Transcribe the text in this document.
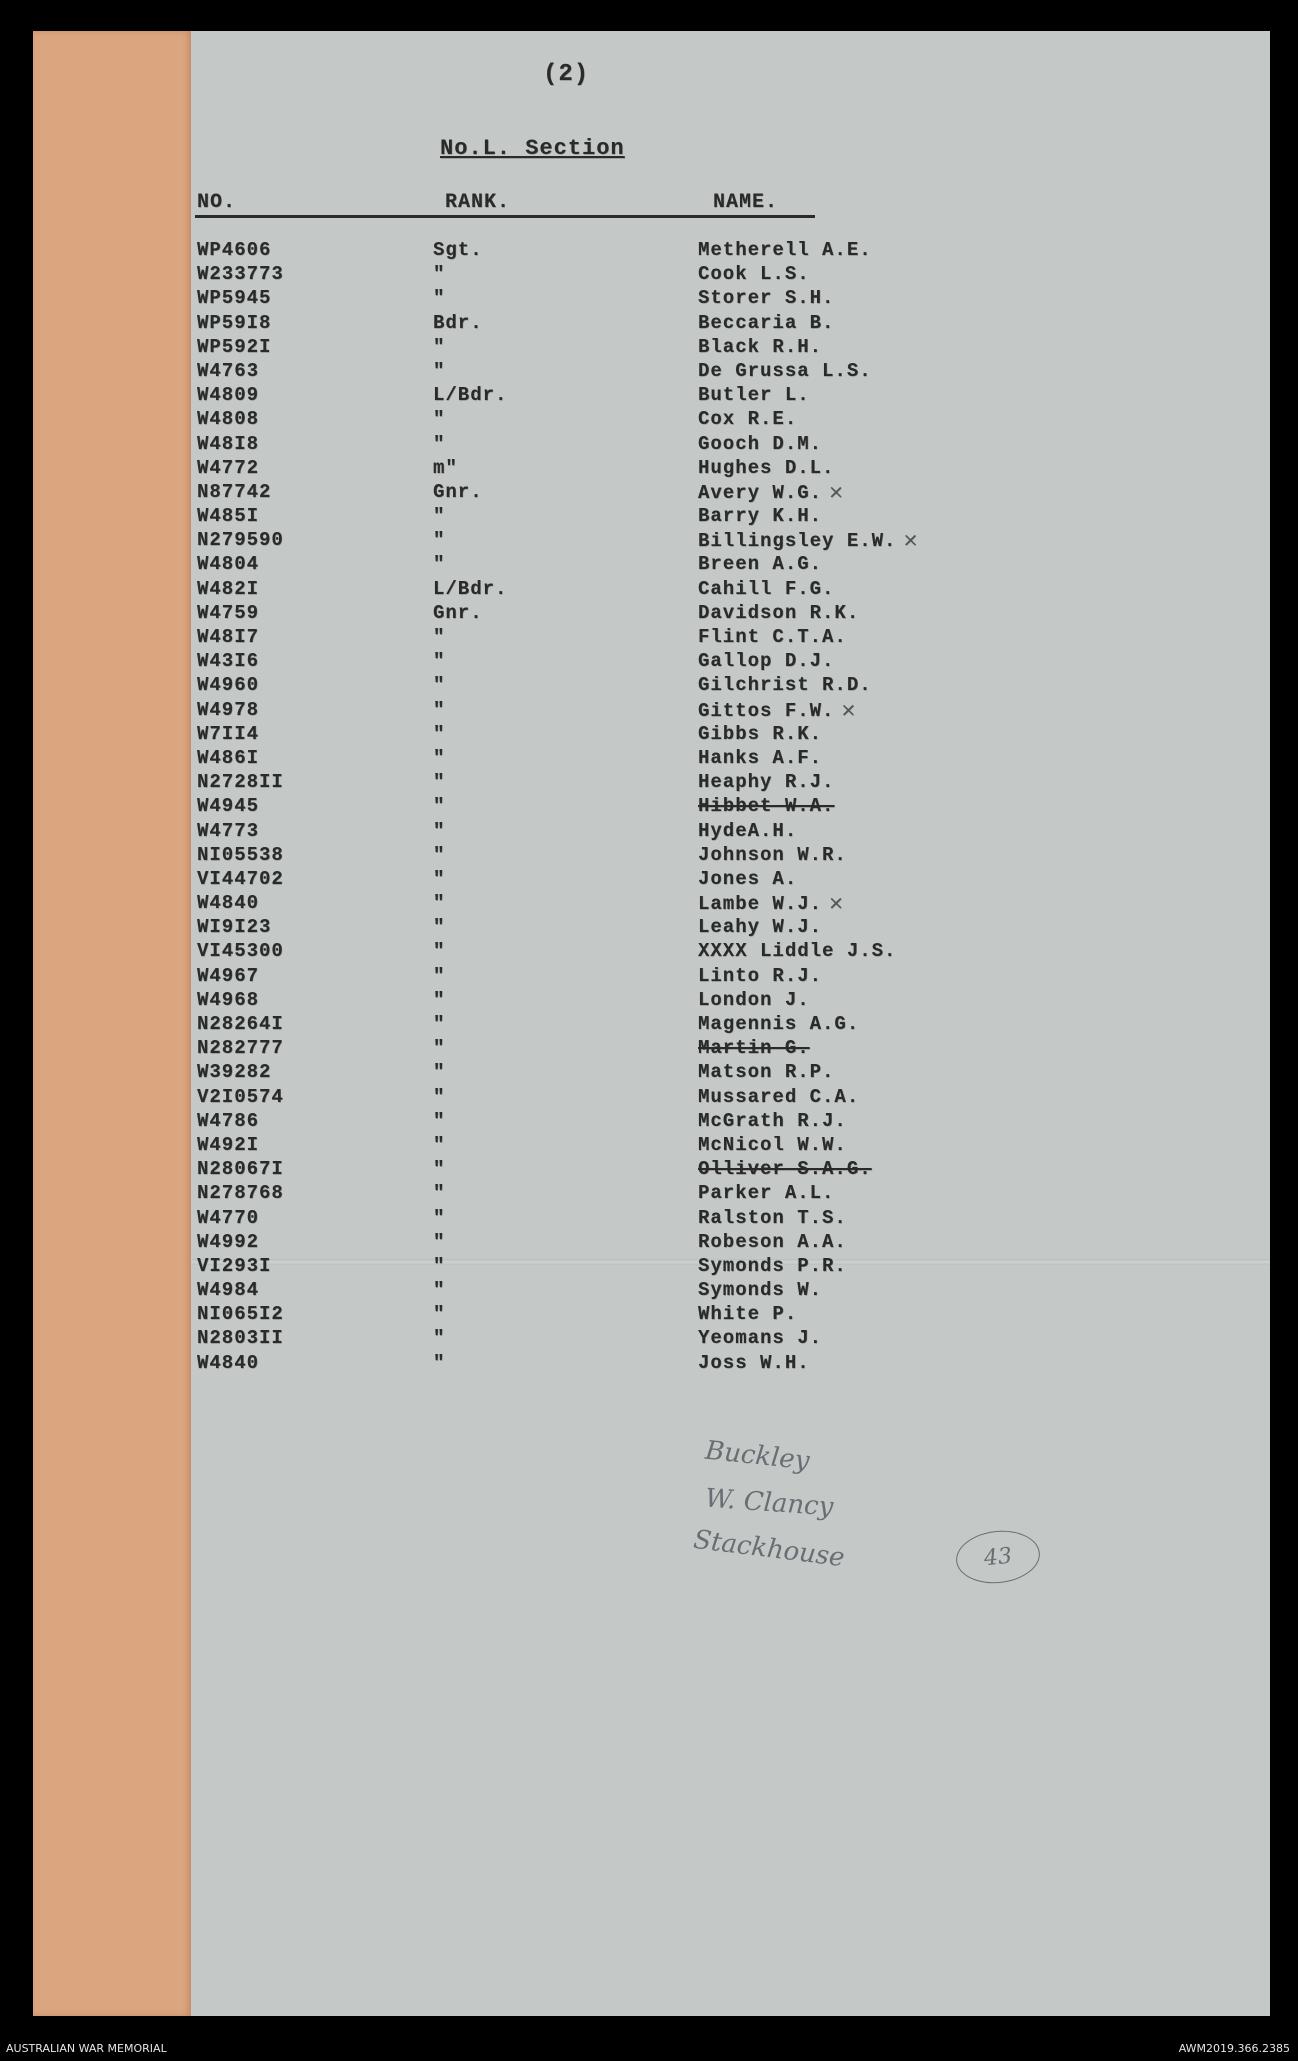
(2)
No.L. Section
NO.	RANK.	NAME.
WP4606	Sgt.	Metherell A.E.
W233773	"	Cook L.S.
WP5945	"	Storer S.H.
WP59I8	Bdr.	Beccaria B.
WP592I	"	Black R.H.
W4763	"	De Grussa L.S.
W4809	L/Bdr.	Butler L.
W4808	"	Cox R.E.
W48I8	"	Gooch D.M.
W4772	m"	Hughes D.L.
N87742	Gnr.	Avery W.G. ×
W485I	"	Barry K.H.
N279590	"	Billingsley E.W. ×
W4804	"	Breen A.G.
W482I	L/Bdr.	Cahill F.G.
W4759	Gnr.	Davidson R.K.
W48I7	"	Flint C.T.A.
W43I6	"	Gallop D.J.
W4960	"	Gilchrist R.D.
W4978	"	Gittos F.W. ×
W7II4	"	Gibbs R.K.
W486I	"	Hanks A.F.
N2728II	"	Heaphy R.J.
W4945	"	Hibbet W.A.
W4773	"	HydeA.H.
NI05538	"	Johnson W.R.
VI44702	"	Jones A.
W4840	"	Lambe W.J. ×
WI9I23	"	Leahy W.J.
VI45300	"	XXXX Liddle J.S.
W4967	"	Linto R.J.
W4968	"	London J.
N28264I	"	Magennis A.G.
N282777	"	Martin G.
W39282	"	Matson R.P.
V2I0574	"	Mussared C.A.
W4786	"	McGrath R.J.
W492I	"	McNicol W.W.
N28067I	"	Olliver S.A.G.
N278768	"	Parker A.L.
W4770	"	Ralston T.S.
W4992	"	Robeson A.A.
VI293I	"	Symonds P.R.
W4984	"	Symonds W.
NI065I2	"	White P.
N2803II	"	Yeomans J.
W4840	"	Joss W.H.
Buckley
W. Clancy
Stackhouse	43
AUSTRALIAN WAR MEMORIAL	AWM2019.366.2385
